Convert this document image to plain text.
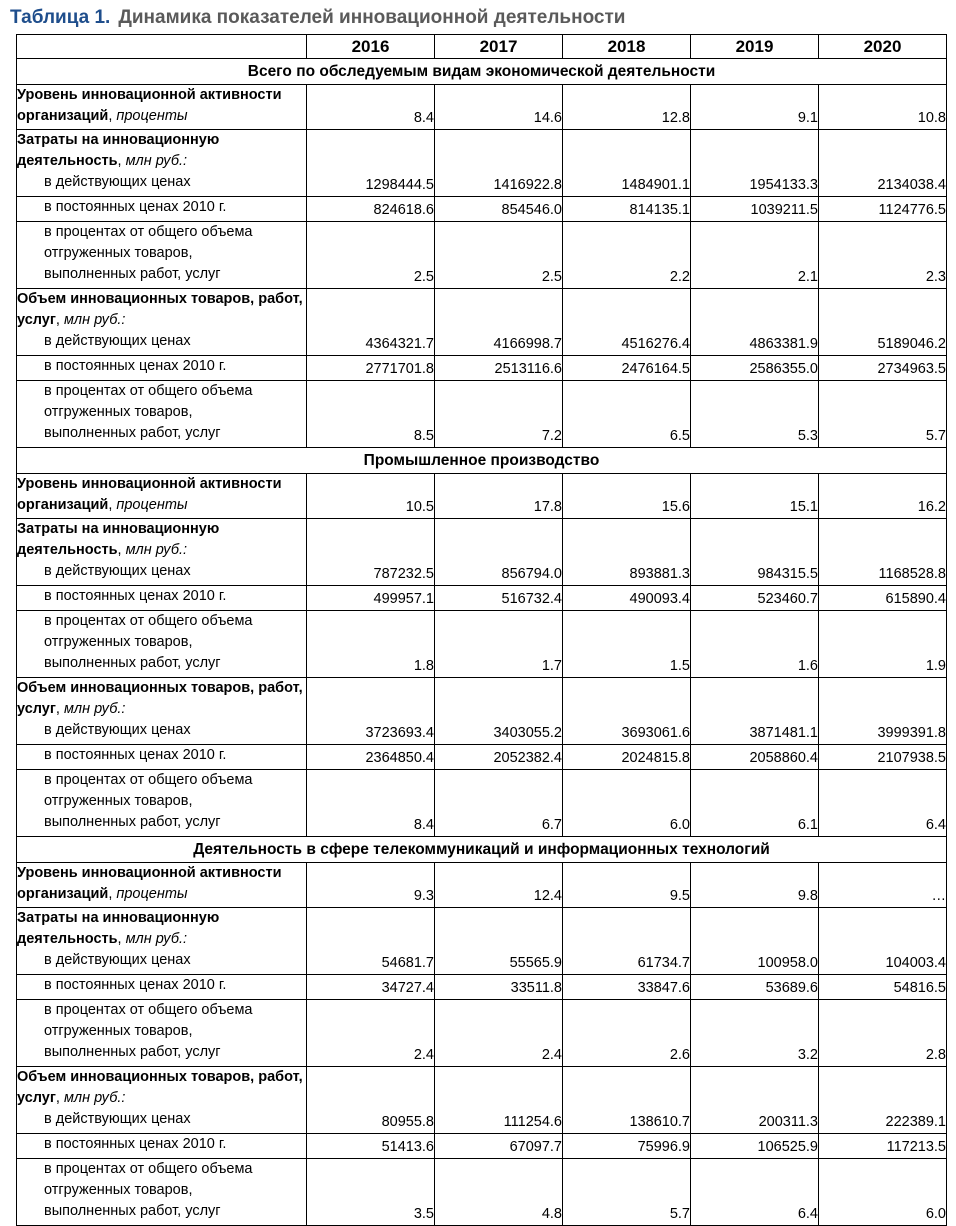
Таблица 1. Динамика показателей инновационной деятельности
	2016	2017	2018	2019	2020
Всего по обследуемым видам экономической деятельности					
Уровень инновационной активности организаций, проценты	8.4	14.6	12.8	9.1	10.8

Затраты на инновационную деятельность, млн руб.:
в действующих ценах	1298444.5	1416922.8	1484901.1	1954133.3	2134038.4

в постоянных ценах 2010 г.	824618.6	854546.0	814135.1	1039211.5	1124776.5

в процентах от общего объема
отгруженных товаров,
выполненных работ, услуг	2.5	2.5	2.2	2.1	2.3

Объем инновационных товаров, работ, услуг, млн руб.:
в действующих ценах	4364321.7	4166998.7	4516276.4	4863381.9	5189046.2

в постоянных ценах 2010 г.	2771701.8	2513116.6	2476164.5	2586355.0	2734963.5

в процентах от общего объема
отгруженных товаров,
выполненных работ, услуг	8.5	7.2	6.5	5.3	5.7
Промышленное производство					
Уровень инновационной активности организаций, проценты	10.5	17.8	15.6	15.1	16.2

Затраты на инновационную деятельность, млн руб.:
в действующих ценах	787232.5	856794.0	893881.3	984315.5	1168528.8

в постоянных ценах 2010 г.	499957.1	516732.4	490093.4	523460.7	615890.4

в процентах от общего объема
отгруженных товаров,
выполненных работ, услуг	1.8	1.7	1.5	1.6	1.9

Объем инновационных товаров, работ, услуг, млн руб.:
в действующих ценах	3723693.4	3403055.2	3693061.6	3871481.1	3999391.8

в постоянных ценах 2010 г.	2364850.4	2052382.4	2024815.8	2058860.4	2107938.5

в процентах от общего объема
отгруженных товаров,
выполненных работ, услуг	8.4	6.7	6.0	6.1	6.4
Деятельность в сфере телекоммуникаций и информационных технологий					
Уровень инновационной активности организаций, проценты	9.3	12.4	9.5	9.8	…

Затраты на инновационную деятельность, млн руб.:
в действующих ценах	54681.7	55565.9	61734.7	100958.0	104003.4

в постоянных ценах 2010 г.	34727.4	33511.8	33847.6	53689.6	54816.5

в процентах от общего объема
отгруженных товаров,
выполненных работ, услуг	2.4	2.4	2.6	3.2	2.8

Объем инновационных товаров, работ, услуг, млн руб.:
в действующих ценах	80955.8	111254.6	138610.7	200311.3	222389.1

в постоянных ценах 2010 г.	51413.6	67097.7	75996.9	106525.9	117213.5

в процентах от общего объема
отгруженных товаров,
выполненных работ, услуг	3.5	4.8	5.7	6.4	6.0
